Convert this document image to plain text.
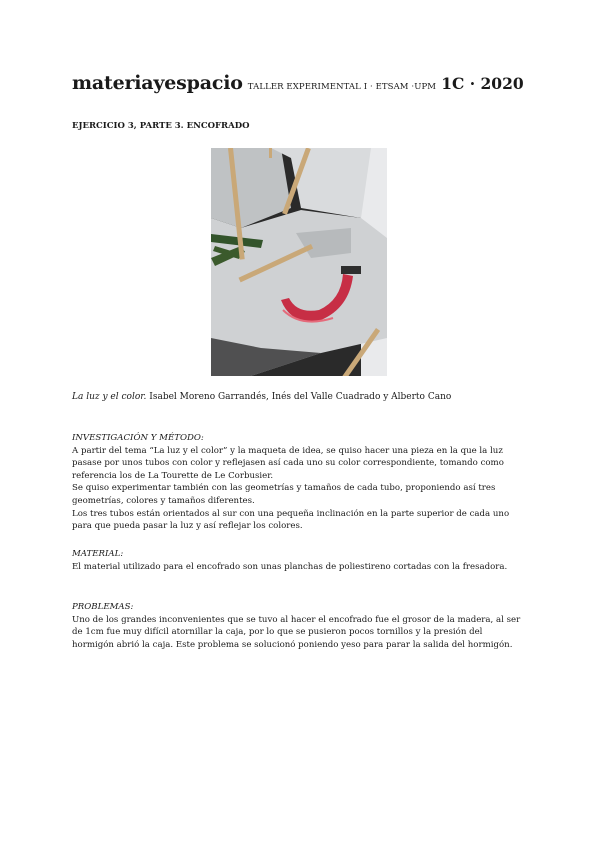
materiayespacio TALLER EXPERIMENTAL I · ETSAM ·UPM 1C · 2020
EJERCICIO 3, PARTE 3. ENCOFRADO
La luz y el color. Isabel Moreno Garrandés, Inés del Valle Cuadrado y Alberto Cano
INVESTIGACIÓN Y MÉTODO:

A partir del tema “La luz y el color” y la maqueta de idea, se quiso hacer una pieza en la que la luz

pasase por unos tubos con color y reflejasen así cada uno su color correspondiente, tomando como

referencia los de La Tourette de Le Corbusier.

Se quiso experimentar también con las geometrías y tamaños de cada tubo, proponiendo así tres

geometrías, colores y tamaños diferentes.

Los tres tubos están orientados al sur con una pequeña inclinación en la parte superior de cada uno

para que pueda pasar la luz y así reflejar los colores.

MATERIAL:

El material utilizado para el encofrado son unas planchas de poliestireno cortadas con la fresadora.

PROBLEMAS:

Uno de los grandes inconvenientes que se tuvo al hacer el encofrado fue el grosor de la madera, al ser

de 1cm fue muy difícil atornillar la caja, por lo que se pusieron pocos tornillos y la presión del

hormigón abrió la caja. Este problema se solucionó poniendo yeso para parar la salida del hormigón.
